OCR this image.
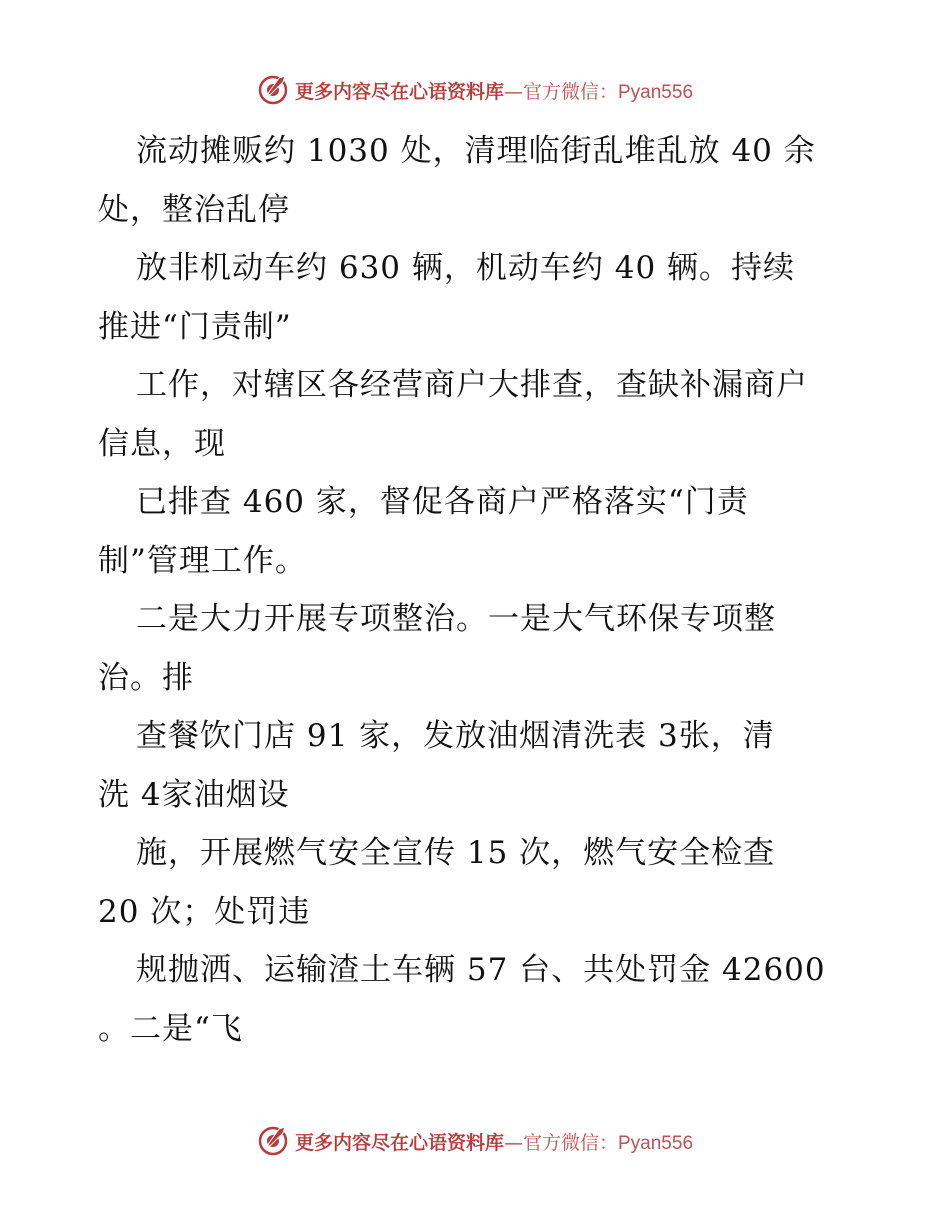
更多内容尽在心语资料库—官方微信：Pyan556
流动摊贩约 1030 处，清理临街乱堆乱放 40 余
处，整治乱停
放非机动车约 630 辆，机动车约 40 辆。持续
推进“门责制”
工作，对辖区各经营商户大排查，查缺补漏商户
信息，现
已排查 460 家，督促各商户严格落实“门责
制”管理工作。
二是大力开展专项整治。一是大气环保专项整
治。排
查餐饮门店 91 家，发放油烟清洗表 3张，清
洗 4家油烟设
施，开展燃气安全宣传 15 次，燃气安全检查
20 次；处罚违
规抛洒、运输渣土车辆 57 台、共处罚金 42600
。二是“飞
更多内容尽在心语资料库—官方微信：Pyan556
